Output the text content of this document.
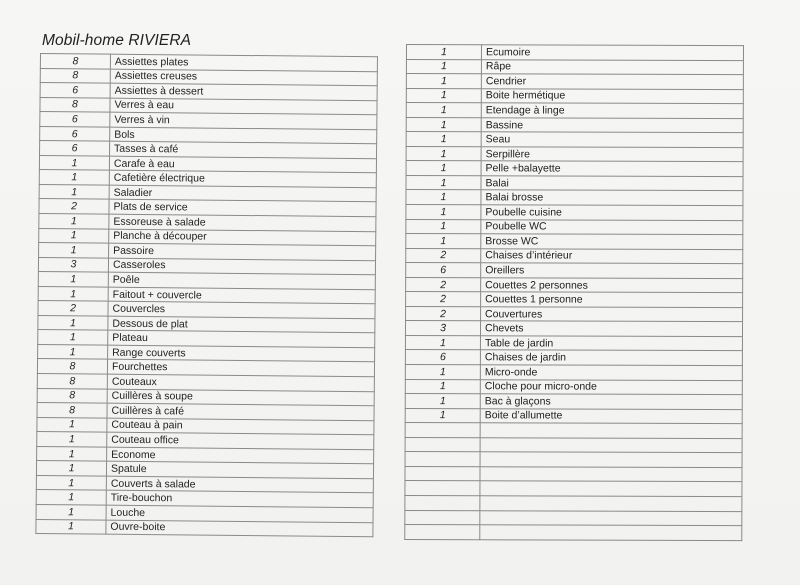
Mobil-home RIVIERA
8	Assiettes plates
8	Assiettes creuses
6	Assiettes à dessert
8	Verres à eau
6	Verres à vin
6	Bols
6	Tasses à café
1	Carafe à eau
1	Cafetière électrique
1	Saladier
2	Plats de service
1	Essoreuse à salade
1	Planche à découper
1	Passoire
3	Casseroles
1	Poêle
1	Faitout + couvercle
2	Couvercles
1	Dessous de plat
1	Plateau
1	Range couverts
8	Fourchettes
8	Couteaux
8	Cuillères à soupe
8	Cuillères à café
1	Couteau à pain
1	Couteau office
1	Econome
1	Spatule
1	Couverts à salade
1	Tire-bouchon
1	Louche
1	Ouvre-boite
1	Ecumoire
1	Râpe
1	Cendrier
1	Boite hermétique
1	Etendage à linge
1	Bassine
1	Seau
1	Serpillère
1	Pelle +balayette
1	Balai
1	Balai brosse
1	Poubelle cuisine
1	Poubelle WC
1	Brosse WC
2	Chaises d’intérieur
6	Oreillers
2	Couettes 2 personnes
2	Couettes 1 personne
2	Couvertures
3	Chevets
1	Table de jardin
6	Chaises de jardin
1	Micro-onde
1	Cloche pour micro-onde
1	Bac à glaçons
1	Boite d’allumette
